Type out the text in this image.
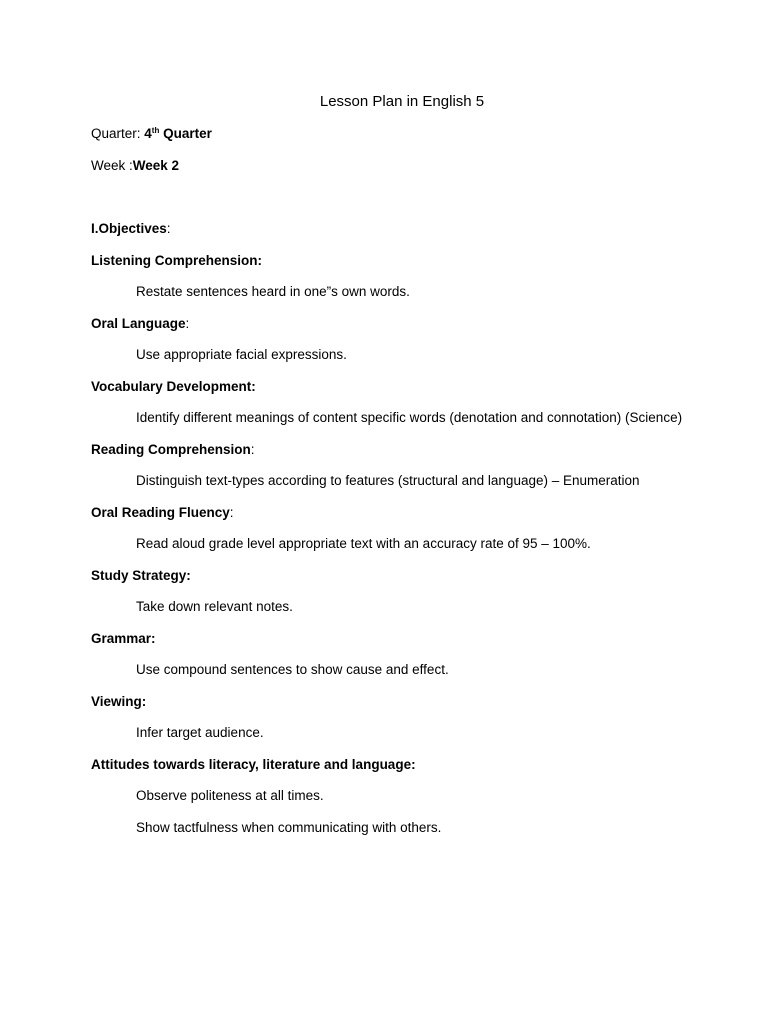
Lesson Plan in English 5
Quarter: 4th Quarter
Week :Week 2
I.Objectives:
Listening Comprehension:
Restate sentences heard in one”s own words.
Oral Language:
Use appropriate facial expressions.
Vocabulary Development:
Identify different meanings of content specific words (denotation and connotation) (Science)
Reading Comprehension:
Distinguish text-types according to features (structural and language) – Enumeration
Oral Reading Fluency:
Read aloud grade level appropriate text with an accuracy rate of 95 – 100%.
Study Strategy:
Take down relevant notes.
Grammar:
Use compound sentences to show cause and effect.
Viewing:
Infer target audience.
Attitudes towards literacy, literature and language:
Observe politeness at all times.
Show tactfulness when communicating with others.
